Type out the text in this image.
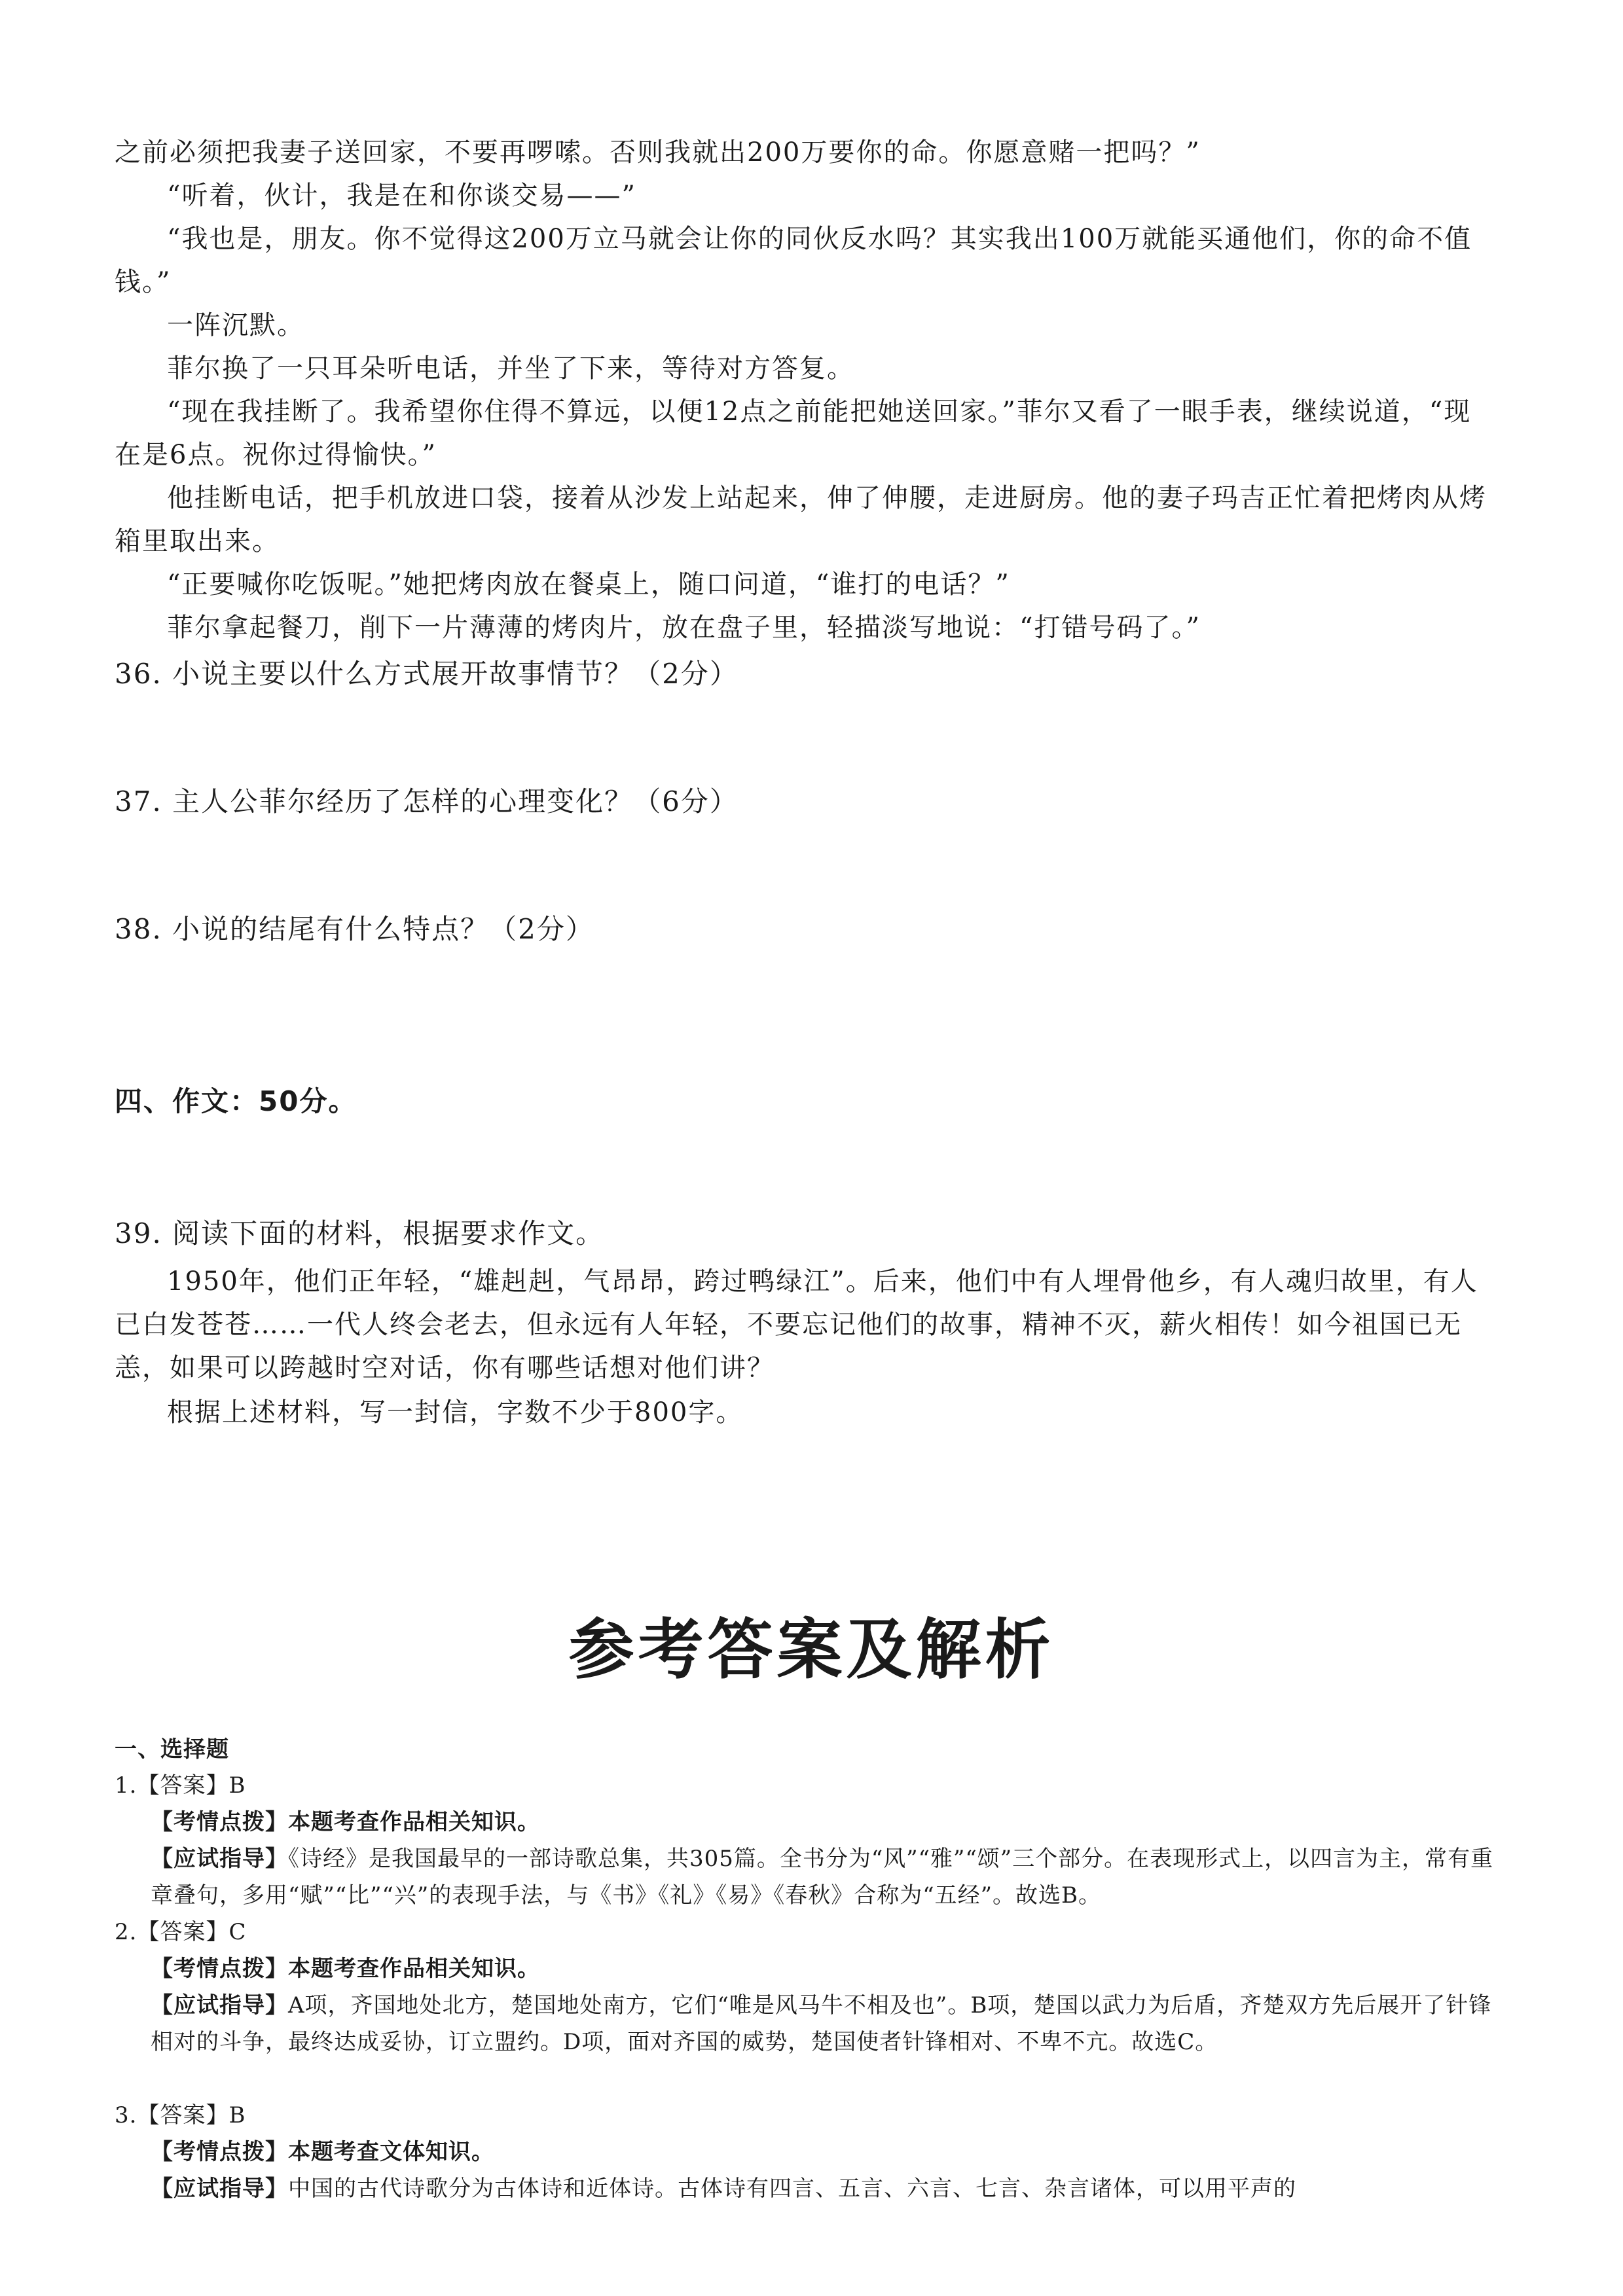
之前必须把我妻子送回家，不要再啰嗦。否则我就出200万要你的命。你愿意赌一把吗？”
“听着，伙计，我是在和你谈交易——”
“我也是，朋友。你不觉得这200万立马就会让你的同伙反水吗？其实我出100万就能买通他们，你的命不值钱。”
一阵沉默。
菲尔换了一只耳朵听电话，并坐了下来，等待对方答复。
“现在我挂断了。我希望你住得不算远，以便12点之前能把她送回家。”菲尔又看了一眼手表，继续说道，“现在是6点。祝你过得愉快。”
他挂断电话，把手机放进口袋，接着从沙发上站起来，伸了伸腰，走进厨房。他的妻子玛吉正忙着把烤肉从烤箱里取出来。
“正要喊你吃饭呢。”她把烤肉放在餐桌上，随口问道，“谁打的电话？”
菲尔拿起餐刀，削下一片薄薄的烤肉片，放在盘子里，轻描淡写地说：“打错号码了。”
36. 小说主要以什么方式展开故事情节？（2分）
37. 主人公菲尔经历了怎样的心理变化？（6分）
38. 小说的结尾有什么特点？（2分）
四、作文：50分。
39. 阅读下面的材料，根据要求作文。
1950年，他们正年轻，“雄赳赳，气昂昂，跨过鸭绿江”。后来，他们中有人埋骨他乡，有人魂归故里，有人已白发苍苍……一代人终会老去，但永远有人年轻，不要忘记他们的故事，精神不灭，薪火相传！如今祖国已无恙，如果可以跨越时空对话，你有哪些话想对他们讲？
根据上述材料，写一封信，字数不少于800字。
参考答案及解析
一、选择题
1.【答案】B
【考情点拨】本题考查作品相关知识。
【应试指导】《诗经》是我国最早的一部诗歌总集，共305篇。全书分为“风”“雅”“颂”三个部分。在表现形式上，以四言为主，常有重章叠句，多用“赋”“比”“兴”的表现手法，与《书》《礼》《易》《春秋》合称为“五经”。故选B。
2.【答案】C
【考情点拨】本题考查作品相关知识。
【应试指导】A项，齐国地处北方，楚国地处南方，它们“唯是风马牛不相及也”。B项，楚国以武力为后盾，齐楚双方先后展开了针锋相对的斗争，最终达成妥协，订立盟约。D项，面对齐国的威势，楚国使者针锋相对、不卑不亢。故选C。
3.【答案】B
【考情点拨】本题考查文体知识。
【应试指导】中国的古代诗歌分为古体诗和近体诗。古体诗有四言、五言、六言、七言、杂言诸体，可以用平声的
